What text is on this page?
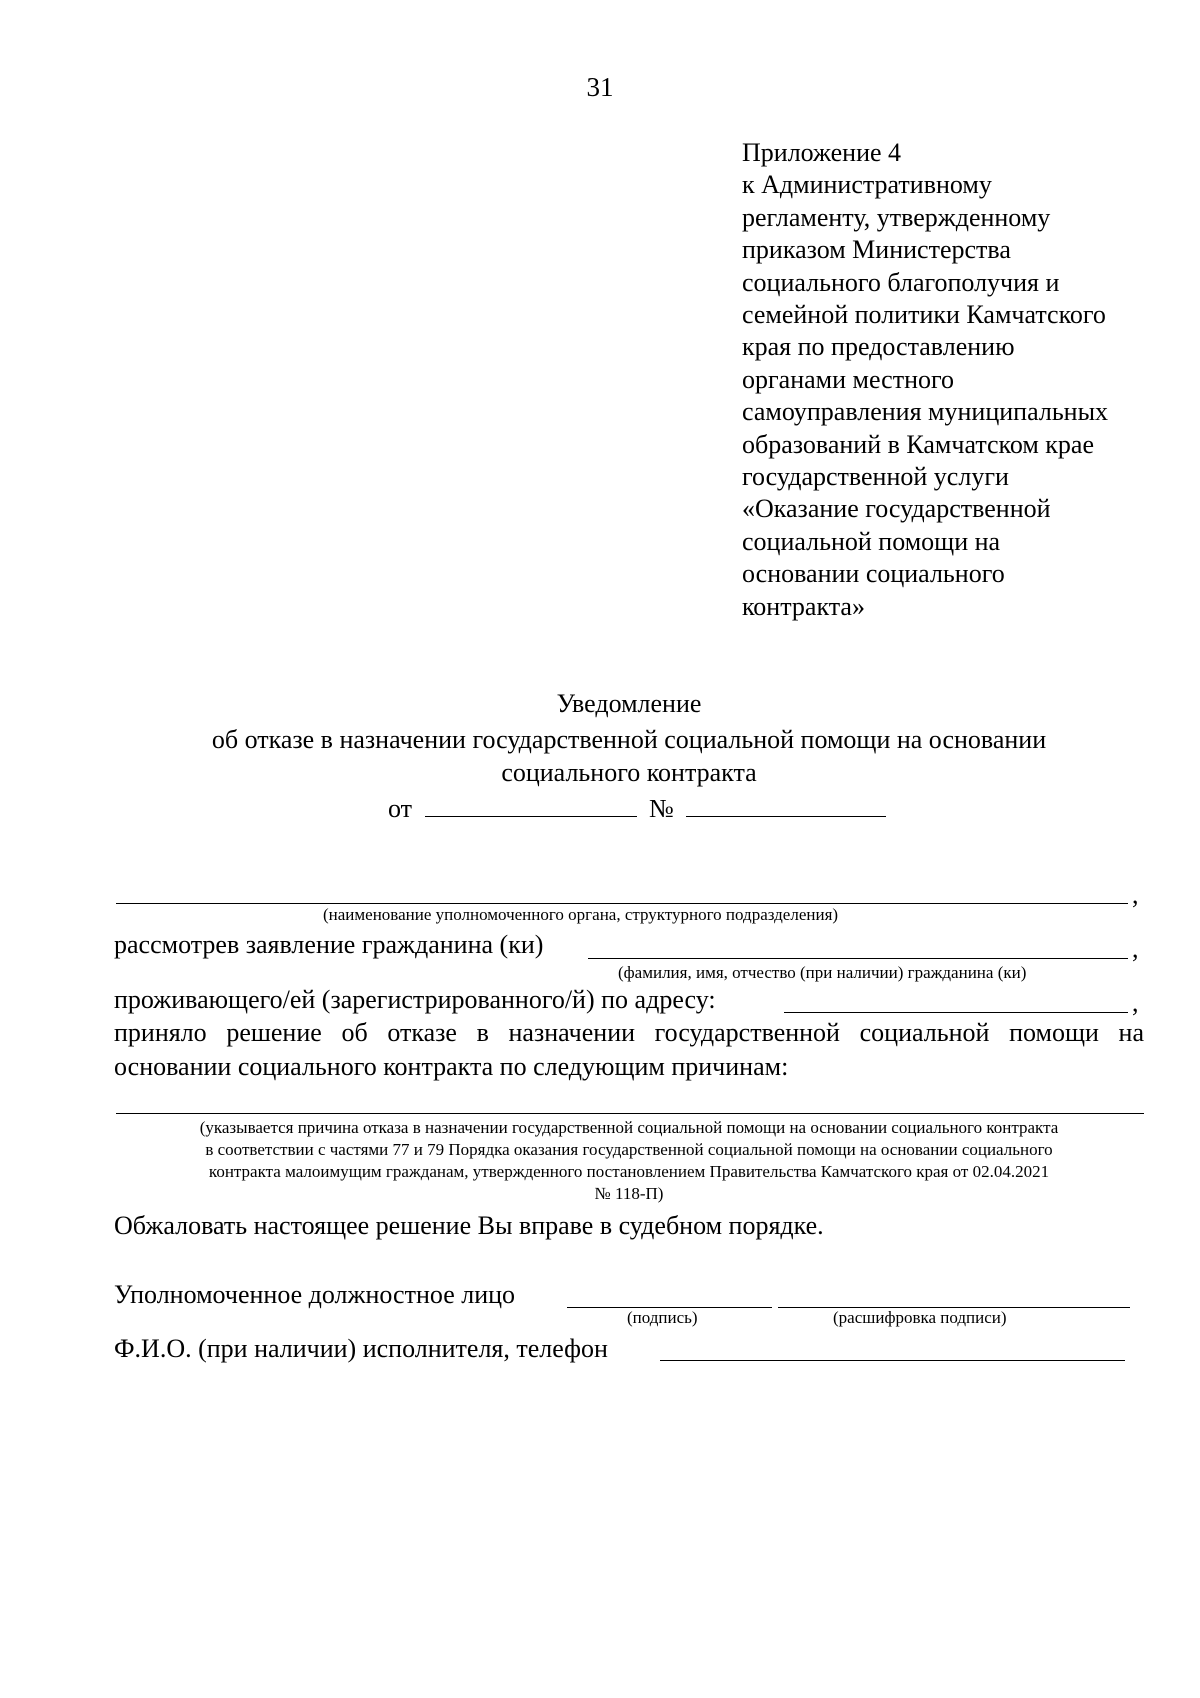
31
Приложение 4
к Административному
регламенту, утвержденному
приказом Министерства
социального благополучия и
семейной политики Камчатского
края по предоставлению
органами местного
самоуправления муниципальных
образований в Камчатском крае
государственной услуги
«Оказание государственной
социальной помощи на
основании социального
контракта»
Уведомление
об отказе в назначении государственной социальной помощи на основании
социального контракта
от	№
,
(наименование уполномоченного органа, структурного подразделения)
рассмотрев заявление гражданина (ки)	,
(фамилия, имя, отчество (при наличии) гражданина (ки)
проживающего/ей (зарегистрированного/й) по адресу:	,
приняло решение об отказе в назначении государственной социальной помощи на
основании социального контракта по следующим причинам:
(указывается причина отказа в назначении государственной социальной помощи на основании социального контракта
в соответствии с частями 77 и 79 Порядка оказания государственной социальной помощи на основании социального
контракта малоимущим гражданам, утвержденного постановлением Правительства Камчатского края от 02.04.2021
№ 118-П)
Обжаловать настоящее решение Вы вправе в судебном порядке.
Уполномоченное должностное лицо
(подпись)	(расшифровка подписи)
Ф.И.О. (при наличии) исполнителя, телефон
